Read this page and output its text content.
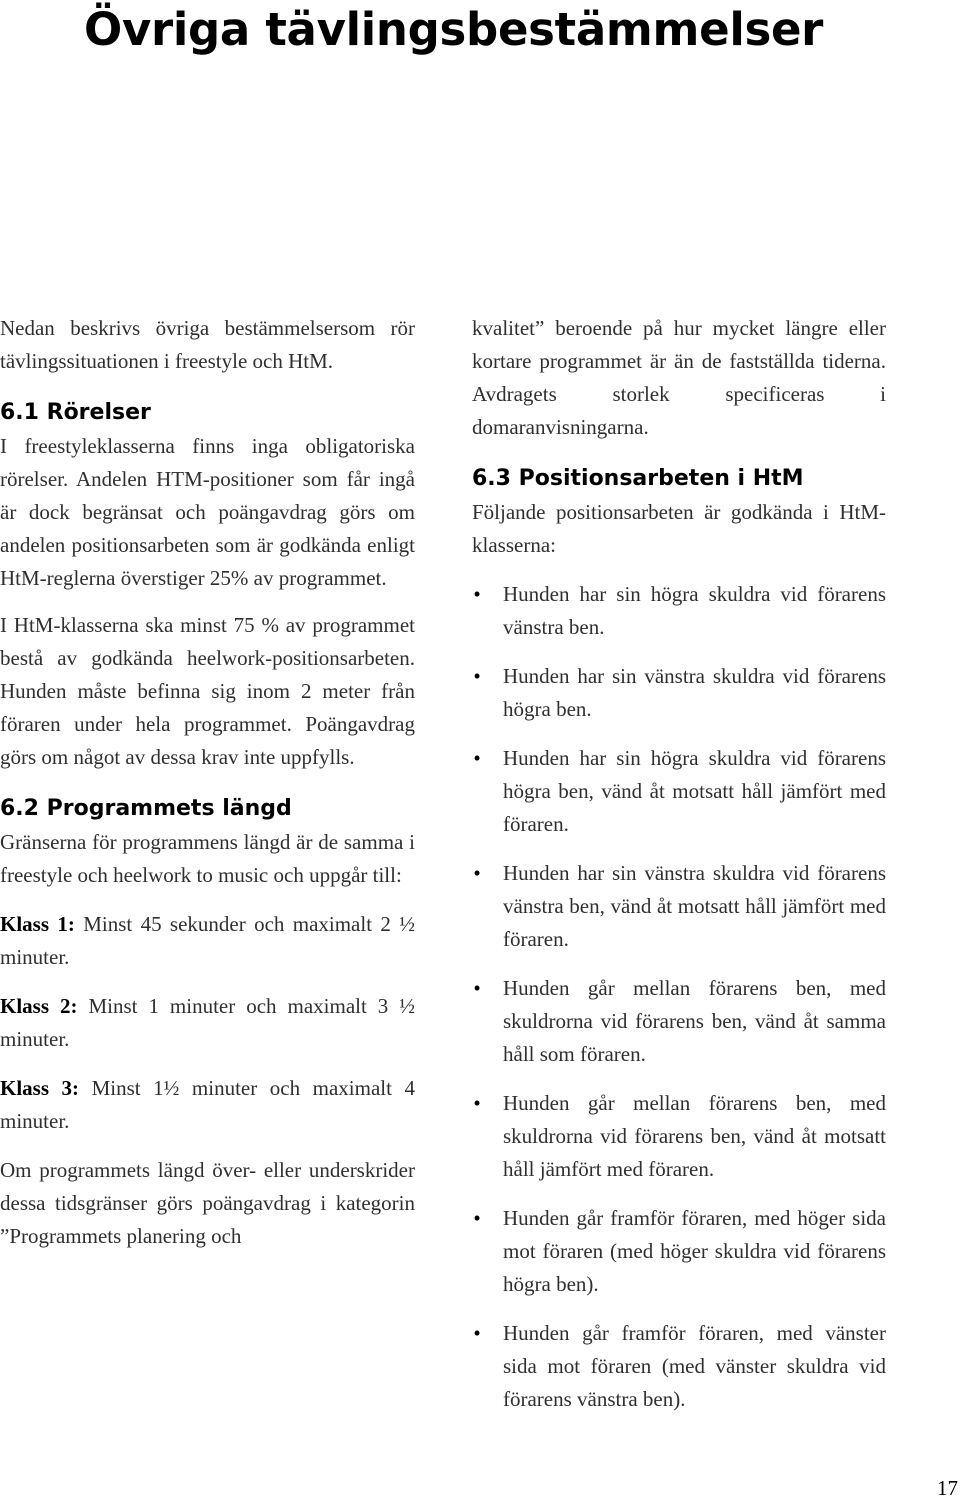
Övriga tävlingsbestämmelser

Nedan beskrivs övriga bestämmelsersom rör tävlingssituationen i freestyle och HtM.

6.1 Rörelser

I freestyleklasserna finns inga obligatoriska rörelser. Andelen HTM-positioner som får ingå är dock begränsat och poängavdrag görs om andelen positionsarbeten som är godkända enligt HtM-reglerna överstiger 25% av programmet.

I HtM-klasserna ska minst 75 % av programmet bestå av godkända heelwork-positionsarbeten. Hunden måste befinna sig inom 2 meter från föraren under hela programmet. Poängavdrag görs om något av dessa krav inte uppfylls.

6.2 Programmets längd

Gränserna för programmens längd är de samma i freestyle och heelwork to music och uppgår till:

Klass 1: Minst 45 sekunder och maximalt 2 ½ minuter.

Klass 2: Minst 1 minuter och maximalt 3 ½ minuter.

Klass 3: Minst 1½ minuter och maximalt 4 minuter.

Om programmets längd över- eller underskrider dessa tidsgränser görs poängavdrag i kategorin ”Programmets planering och

kvalitet” beroende på hur mycket längre eller kortare programmet är än de fastställda tiderna. Avdragets storlek specificeras i domaranvisningarna.

6.3 Positionsarbeten i HtM

Följande positionsarbeten är godkända i HtM-klasserna:

• Hunden har sin högra skuldra vid förarens vänstra ben.
• Hunden har sin vänstra skuldra vid förarens högra ben.
• Hunden har sin högra skuldra vid förarens högra ben, vänd åt motsatt håll jämfört med föraren.
• Hunden har sin vänstra skuldra vid förarens vänstra ben, vänd åt motsatt håll jämfört med föraren.
• Hunden går mellan förarens ben, med skuldrorna vid förarens ben, vänd åt samma håll som föraren.
• Hunden går mellan förarens ben, med skuldrorna vid förarens ben, vänd åt motsatt håll jämfört med föraren.
• Hunden går framför föraren, med höger sida mot föraren (med höger skuldra vid förarens högra ben).
• Hunden går framför föraren, med vänster sida mot föraren (med vänster skuldra vid förarens vänstra ben).
17
